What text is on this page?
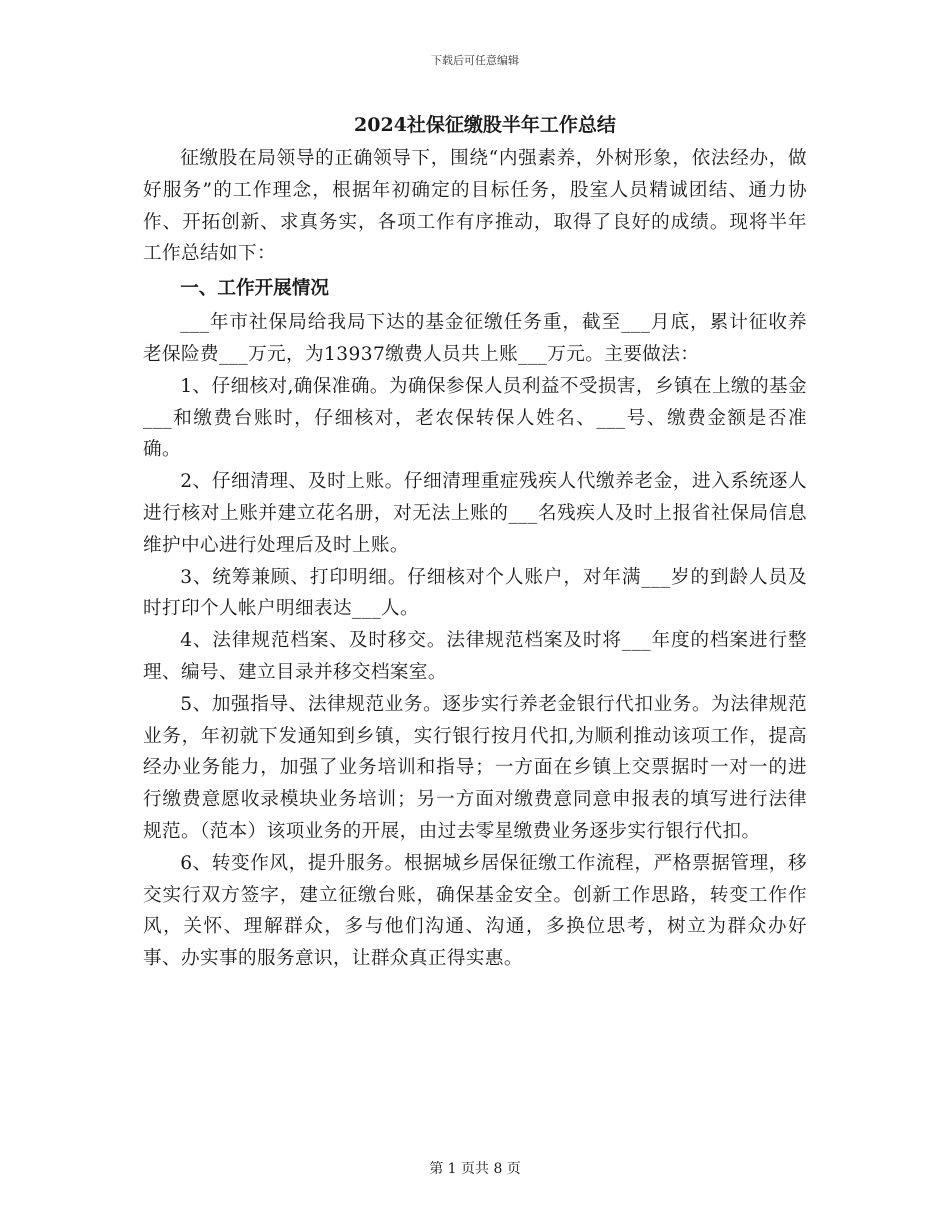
下载后可任意编辑
2024社保征缴股半年工作总结

征缴股在局领导的正确领导下，围绕“内强素养，外树形象，依法经办，做好服务”的工作理念，根据年初确定的目标任务，股室人员精诚团结、通力协作、开拓创新、求真务实，各项工作有序推动，取得了良好的成绩。现将半年工作总结如下：

一、工作开展情况

___年市社保局给我局下达的基金征缴任务重，截至___月底，累计征收养老保险费___万元，为13937缴费人员共上账___万元。主要做法：

1、仔细核对,确保准确。为确保参保人员利益不受损害，乡镇在上缴的基金___和缴费台账时，仔细核对，老农保转保人姓名、___号、缴费金额是否准确。

2、仔细清理、及时上账。仔细清理重症残疾人代缴养老金，进入系统逐人进行核对上账并建立花名册，对无法上账的___名残疾人及时上报省社保局信息维护中心进行处理后及时上账。

3、统筹兼顾、打印明细。仔细核对个人账户，对年满___岁的到龄人员及时打印个人帐户明细表达___人。

4、法律规范档案、及时移交。法律规范档案及时将___年度的档案进行整理、编号、建立目录并移交档案室。

5、加强指导、法律规范业务。逐步实行养老金银行代扣业务。为法律规范业务，年初就下发通知到乡镇，实行银行按月代扣,为顺利推动该项工作，提高经办业务能力，加强了业务培训和指导；一方面在乡镇上交票据时一对一的进行缴费意愿收录模块业务培训；另一方面对缴费意同意申报表的填写进行法律规范。（范本）该项业务的开展，由过去零星缴费业务逐步实行银行代扣。

6、转变作风，提升服务。根据城乡居保征缴工作流程，严格票据管理，移交实行双方签字，建立征缴台账，确保基金安全。创新工作思路，转变工作作风，关怀、理解群众，多与他们沟通、沟通，多换位思考，树立为群众办好事、办实事的服务意识，让群众真正得实惠。

第 1 页共 8 页
